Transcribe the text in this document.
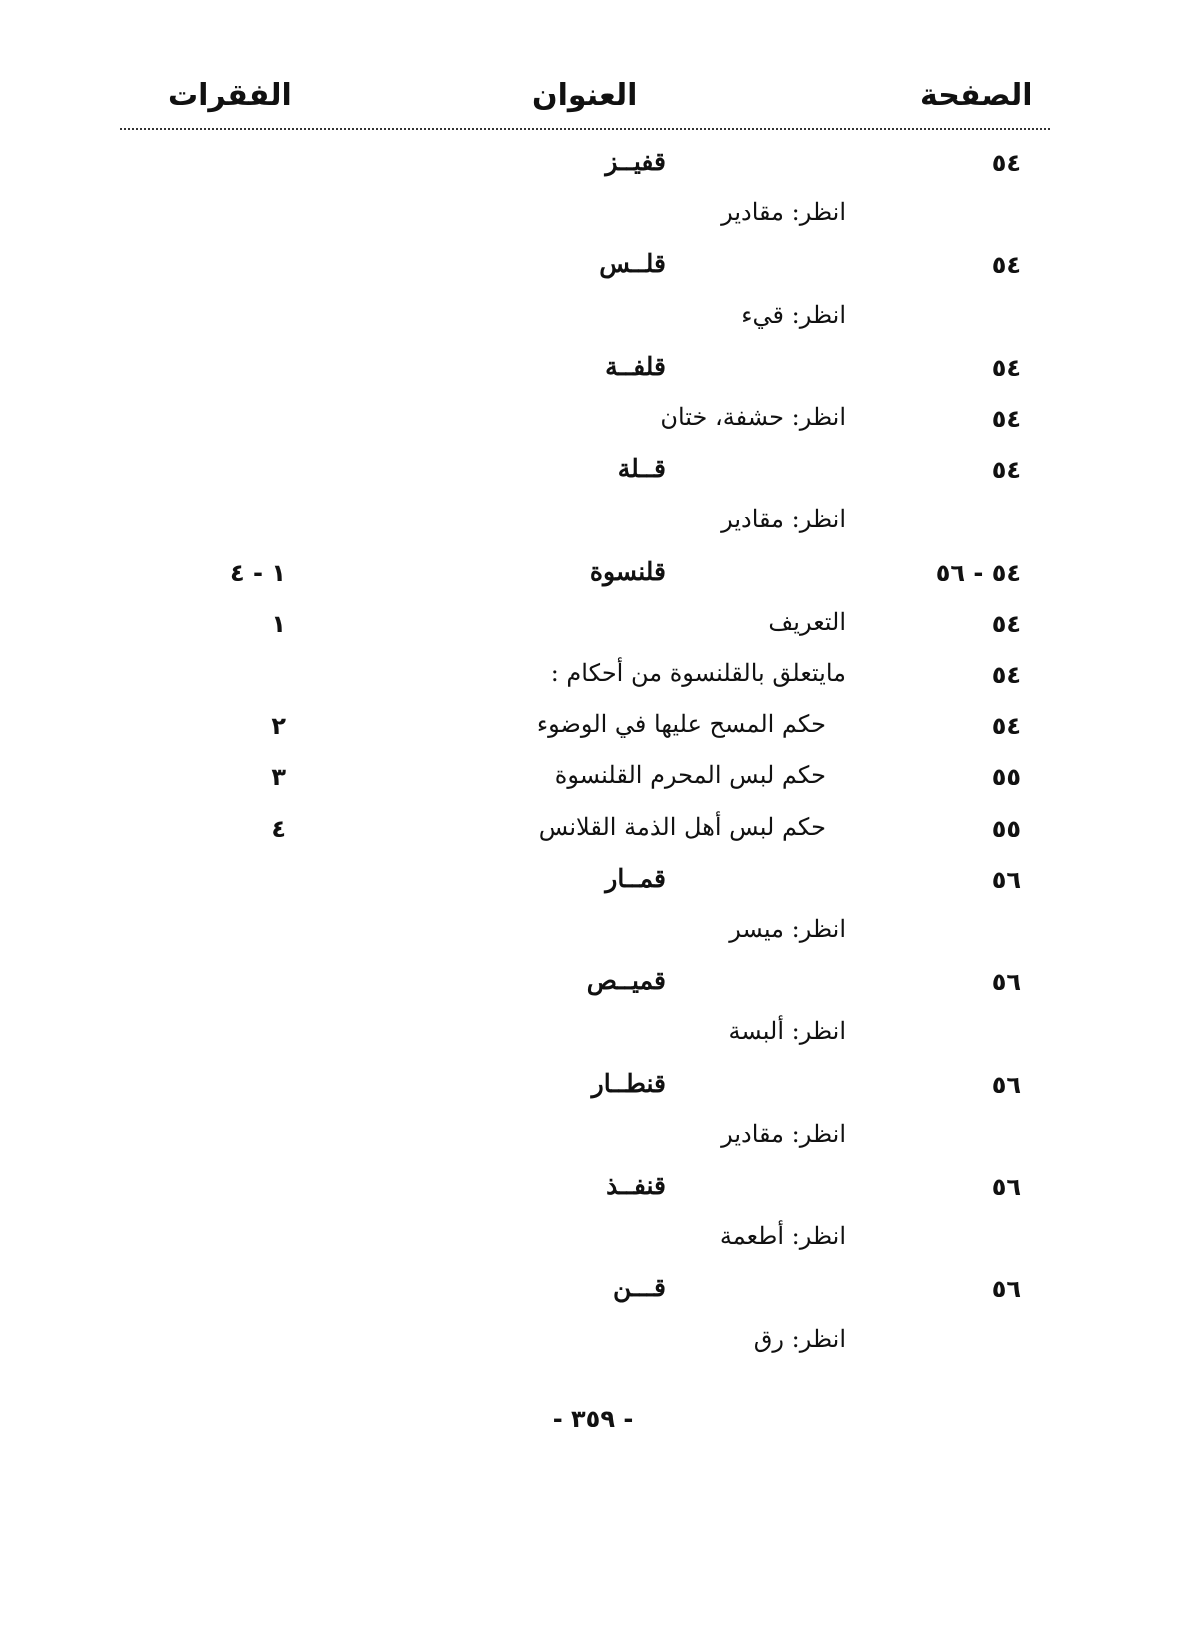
الصفحة
العنوان
الفقرات
٥٤
قفيــز
انظر: مقادير
٥٤
قلــس
انظر: قيء
٥٤
قلفــة
٥٤
انظر: حشفة، ختان
٥٤
قــلة
انظر: مقادير
٥٤ - ٥٦
قلنسوة
١ - ٤
٥٤
التعريف
١
٥٤
مايتعلق بالقلنسوة من أحكام :
٥٤
حكم المسح عليها في الوضوء
٢
٥٥
حكم لبس المحرم القلنسوة
٣
٥٥
حكم لبس أهل الذمة القلانس
٤
٥٦
قمــار
انظر: ميسر
٥٦
قميــص
انظر: ألبسة
٥٦
قنطــار
انظر: مقادير
٥٦
قنفــذ
انظر: أطعمة
٥٦
قـــن
انظر: رق
- ٣٥٩ -
